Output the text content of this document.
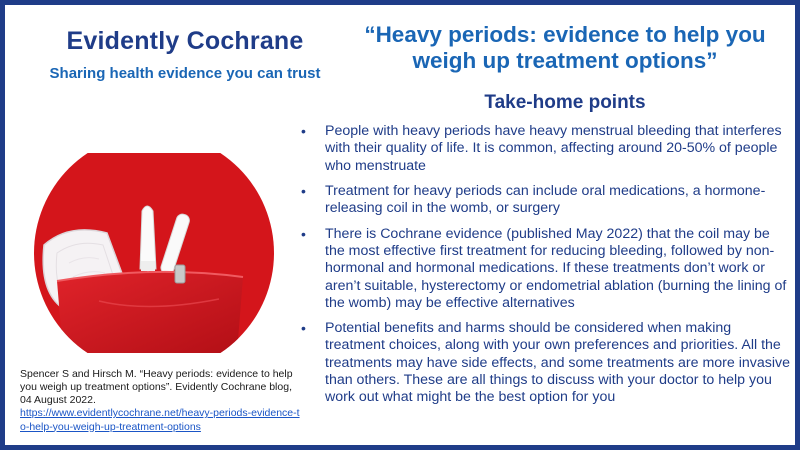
Evidently Cochrane
Sharing health evidence you can trust
“Heavy periods: evidence to help you weigh up treatment options”
Take-home points
• People with heavy periods have heavy menstrual bleeding that interferes with their quality of life. It is common, affecting around 20-50% of people who menstruate
• Treatment for heavy periods can include oral medications, a hormone-releasing coil in the womb, or surgery
• There is Cochrane evidence (published May 2022) that the coil may be the most effective first treatment for reducing bleeding, followed by non-hormonal and hormonal medications. If these treatments don’t work or aren’t suitable, hysterectomy or endometrial ablation (burning the lining of the womb) may be effective alternatives
• Potential benefits and harms should be considered when making treatment choices, along with your own preferences and priorities. All the treatments may have side effects, and some treatments are more invasive than others. These are all things to discuss with your doctor to help you work out what might be the best option for you
Spencer S and Hirsch M. “Heavy periods: evidence to help you weigh up treatment options”. Evidently Cochrane blog, 04 August 2022.
https://www.evidentlycochrane.net/heavy-periods-evidence-to-help-you-weigh-up-treatment-options
